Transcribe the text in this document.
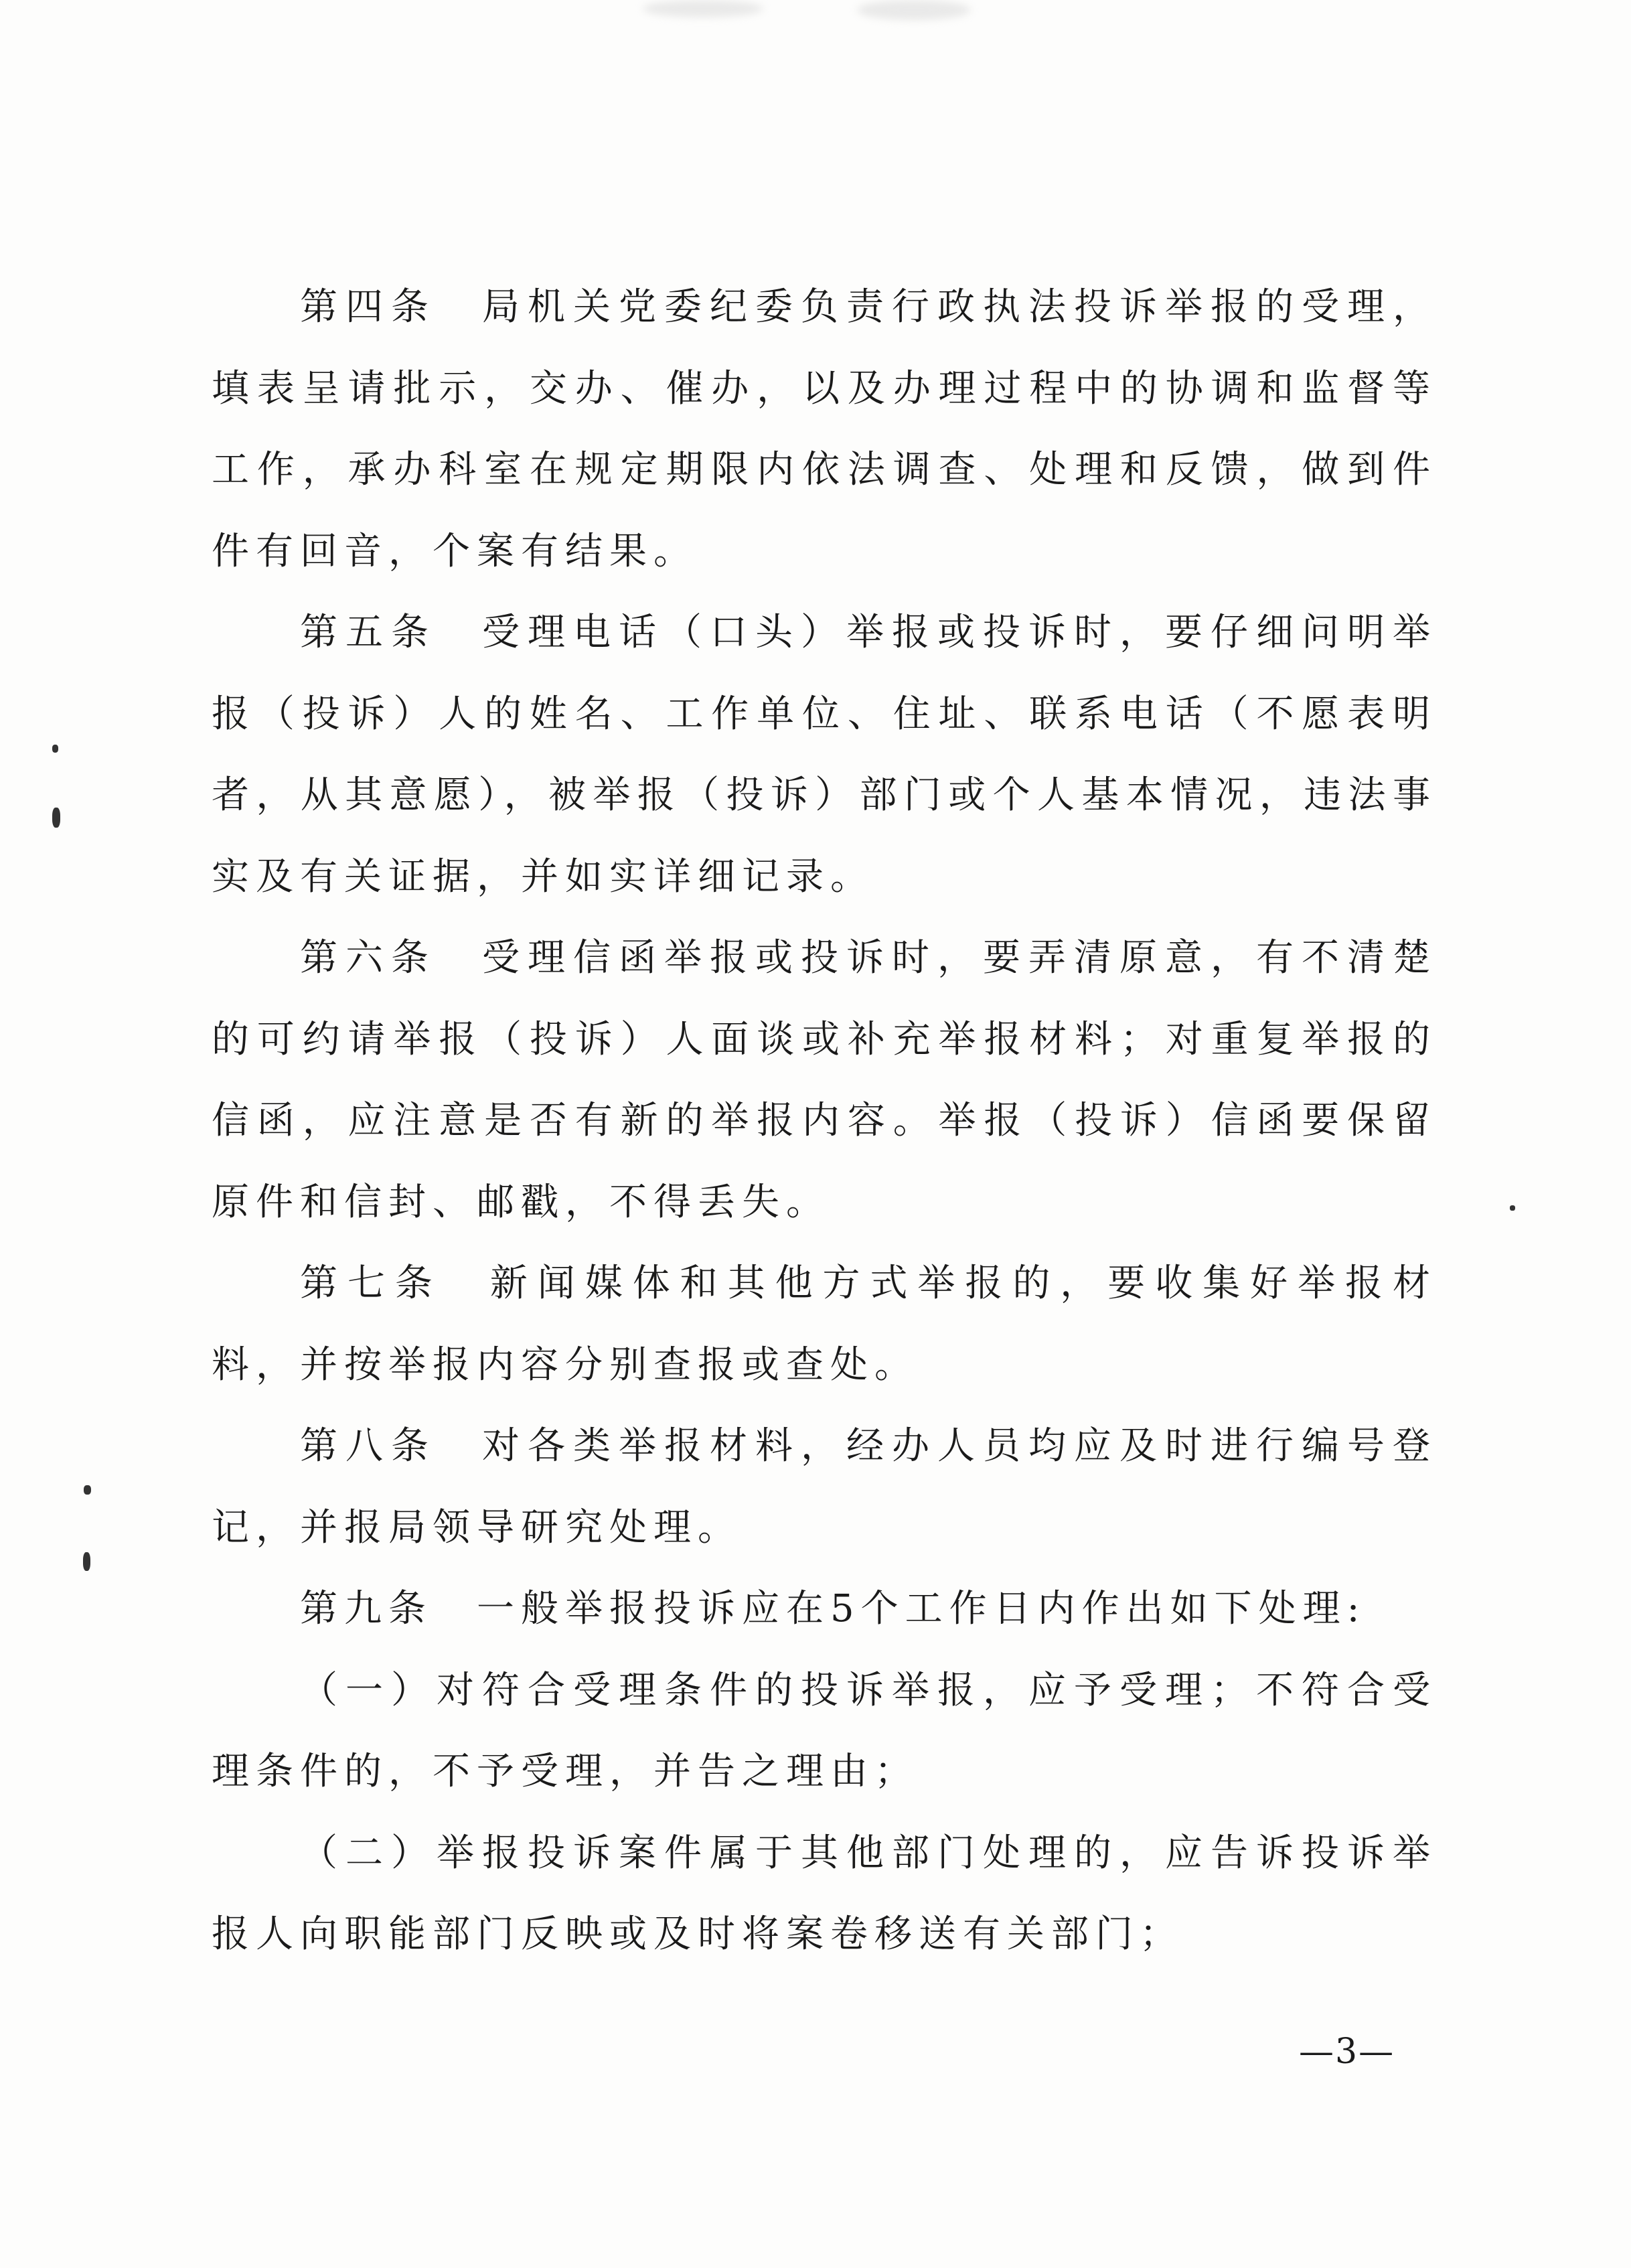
第四条　局机关党委纪委负责行政执法投诉举报的受理，填表呈请批示，交办、催办，以及办理过程中的协调和监督等工作，承办科室在规定期限内依法调查、处理和反馈，做到件件有回音，个案有结果。

第五条　受理电话（口头）举报或投诉时，要仔细问明举报（投诉）人的姓名、工作单位、住址、联系电话（不愿表明者，从其意愿），被举报（投诉）部门或个人基本情况，违法事实及有关证据，并如实详细记录。

第六条　受理信函举报或投诉时，要弄清原意，有不清楚的可约请举报（投诉）人面谈或补充举报材料；对重复举报的信函，应注意是否有新的举报内容。举报（投诉）信函要保留原件和信封、邮戳，不得丢失。

第七条　新闻媒体和其他方式举报的，要收集好举报材料，并按举报内容分别查报或查处。

第八条　对各类举报材料，经办人员均应及时进行编号登记，并报局领导研究处理。

第九条　一般举报投诉应在5个工作日内作出如下处理:

（一）对符合受理条件的投诉举报，应予受理；不符合受理条件的，不予受理，并告之理由；

（二）举报投诉案件属于其他部门处理的，应告诉投诉举报人向职能部门反映或及时将案卷移送有关部门；

—3—
